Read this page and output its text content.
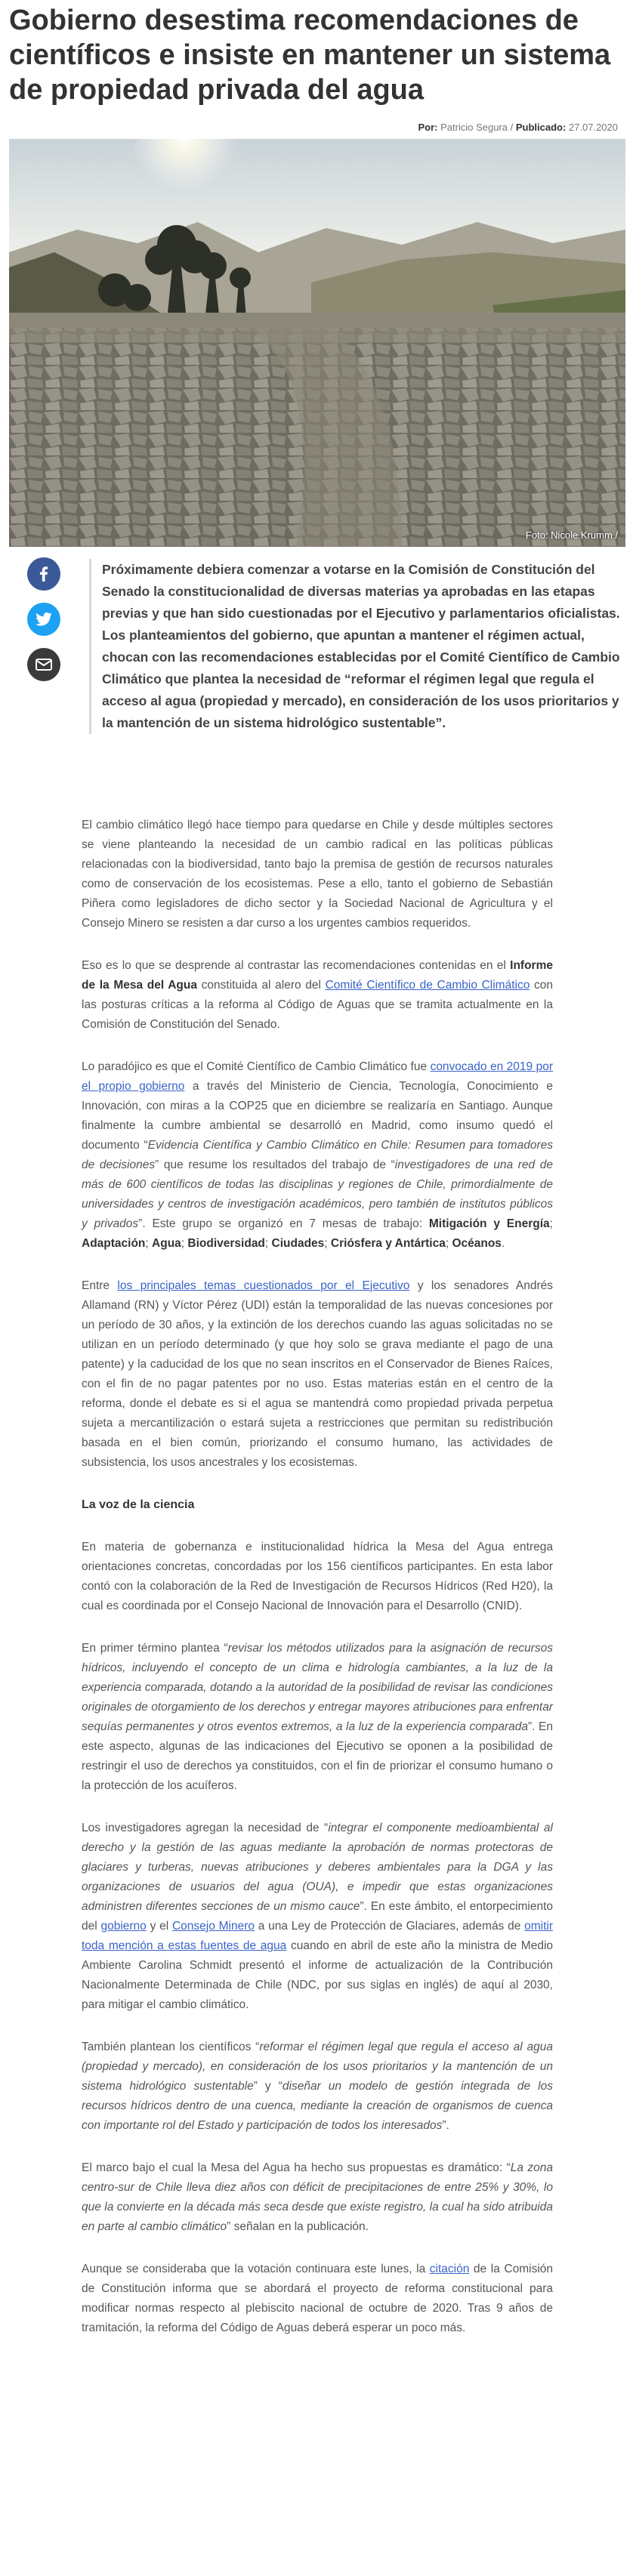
Gobierno desestima recomendaciones de científicos e insiste en mantener un sistema de propiedad privada del agua
Por: Patricio Segura / Publicado: 27.07.2020
Foto: Nicole Krumm /

Próximamente debiera comenzar a votarse en la Comisión de Constitución del Senado la constitucionalidad de diversas materias ya aprobadas en las etapas previas y que han sido cuestionadas por el Ejecutivo y parlamentarios oficialistas. Los planteamientos del gobierno, que apuntan a mantener el régimen actual, chocan con las recomendaciones establecidas por el Comité Científico de Cambio Climático que plantea la necesidad de “reformar el régimen legal que regula el acceso al agua (propiedad y mercado), en consideración de los usos prioritarios y la mantención de un sistema hidrológico sustentable”.

El cambio climático llegó hace tiempo para quedarse en Chile y desde múltiples sectores se viene planteando la necesidad de un cambio radical en las políticas públicas relacionadas con la biodiversidad, tanto bajo la premisa de gestión de recursos naturales como de conservación de los ecosistemas. Pese a ello, tanto el gobierno de Sebastián Piñera como legisladores de dicho sector y la Sociedad Nacional de Agricultura y el Consejo Minero se resisten a dar curso a los urgentes cambios requeridos.

Eso es lo que se desprende al contrastar las recomendaciones contenidas en el Informe de la Mesa del Agua constituida al alero del Comité Científico de Cambio Climático con las posturas críticas a la reforma al Código de Aguas que se tramita actualmente en la Comisión de Constitución del Senado.

Lo paradójico es que el Comité Científico de Cambio Climático fue convocado en 2019 por el propio gobierno a través del Ministerio de Ciencia, Tecnología, Conocimiento e Innovación, con miras a la COP25 que en diciembre se realizaría en Santiago. Aunque finalmente la cumbre ambiental se desarrolló en Madrid, como insumo quedó el documento “Evidencia Científica y Cambio Climático en Chile: Resumen para tomadores de decisiones” que resume los resultados del trabajo de “investigadores de una red de más de 600 científicos de todas las disciplinas y regiones de Chile, primordialmente de universidades y centros de investigación académicos, pero también de institutos públicos y privados”. Este grupo se organizó en 7 mesas de trabajo: Mitigación y Energía; Adaptación; Agua; Biodiversidad; Ciudades; Criósfera y Antártica; Océanos.

Entre los principales temas cuestionados por el Ejecutivo y los senadores Andrés Allamand (RN) y Víctor Pérez (UDI) están la temporalidad de las nuevas concesiones por un período de 30 años, y la extinción de los derechos cuando las aguas solicitadas no se utilizan en un período determinado (y que hoy solo se grava mediante el pago de una patente) y la caducidad de los que no sean inscritos en el Conservador de Bienes Raíces, con el fin de no pagar patentes por no uso. Estas materias están en el centro de la reforma, donde el debate es si el agua se mantendrá como propiedad privada perpetua sujeta a mercantilización o estará sujeta a restricciones que permitan su redistribución basada en el bien común, priorizando el consumo humano, las actividades de subsistencia, los usos ancestrales y los ecosistemas.

La voz de la ciencia

En materia de gobernanza e institucionalidad hídrica la Mesa del Agua entrega orientaciones concretas, concordadas por los 156 científicos participantes. En esta labor contó con la colaboración de la Red de Investigación de Recursos Hídricos (Red H20), la cual es coordinada por el Consejo Nacional de Innovación para el Desarrollo (CNID).

En primer término plantea “revisar los métodos utilizados para la asignación de recursos hídricos, incluyendo el concepto de un clima e hidrología cambiantes, a la luz de la experiencia comparada, dotando a la autoridad de la posibilidad de revisar las condiciones originales de otorgamiento de los derechos y entregar mayores atribuciones para enfrentar sequías permanentes y otros eventos extremos, a la luz de la experiencia comparada”. En este aspecto, algunas de las indicaciones del Ejecutivo se oponen a la posibilidad de restringir el uso de derechos ya constituidos, con el fin de priorizar el consumo humano o la protección de los acuíferos.

Los investigadores agregan la necesidad de “integrar el componente medioambiental al derecho y la gestión de las aguas mediante la aprobación de normas protectoras de glaciares y turberas, nuevas atribuciones y deberes ambientales para la DGA y las organizaciones de usuarios del agua (OUA), e impedir que estas organizaciones administren diferentes secciones de un mismo cauce”. En este ámbito, el entorpecimiento del gobierno y el Consejo Minero a una Ley de Protección de Glaciares, además de omitir toda mención a estas fuentes de agua cuando en abril de este año la ministra de Medio Ambiente Carolina Schmidt presentó el informe de actualización de la Contribución Nacionalmente Determinada de Chile (NDC, por sus siglas en inglés) de aquí al 2030, para mitigar el cambio climático.

También plantean los científicos “reformar el régimen legal que regula el acceso al agua (propiedad y mercado), en consideración de los usos prioritarios y la mantención de un sistema hidrológico sustentable” y “diseñar un modelo de gestión integrada de los recursos hídricos dentro de una cuenca, mediante la creación de organismos de cuenca con importante rol del Estado y participación de todos los interesados”.

El marco bajo el cual la Mesa del Agua ha hecho sus propuestas es dramático: “La zona centro-sur de Chile lleva diez años con déficit de precipitaciones de entre 25% y 30%, lo que la convierte en la década más seca desde que existe registro, la cual ha sido atribuida en parte al cambio climático” señalan en la publicación.

Aunque se consideraba que la votación continuara este lunes, la citación de la Comisión de Constitución informa que se abordará el proyecto de reforma constitucional para modificar normas respecto al plebiscito nacional de octubre de 2020. Tras 9 años de tramitación, la reforma del Código de Aguas deberá esperar un poco más.
